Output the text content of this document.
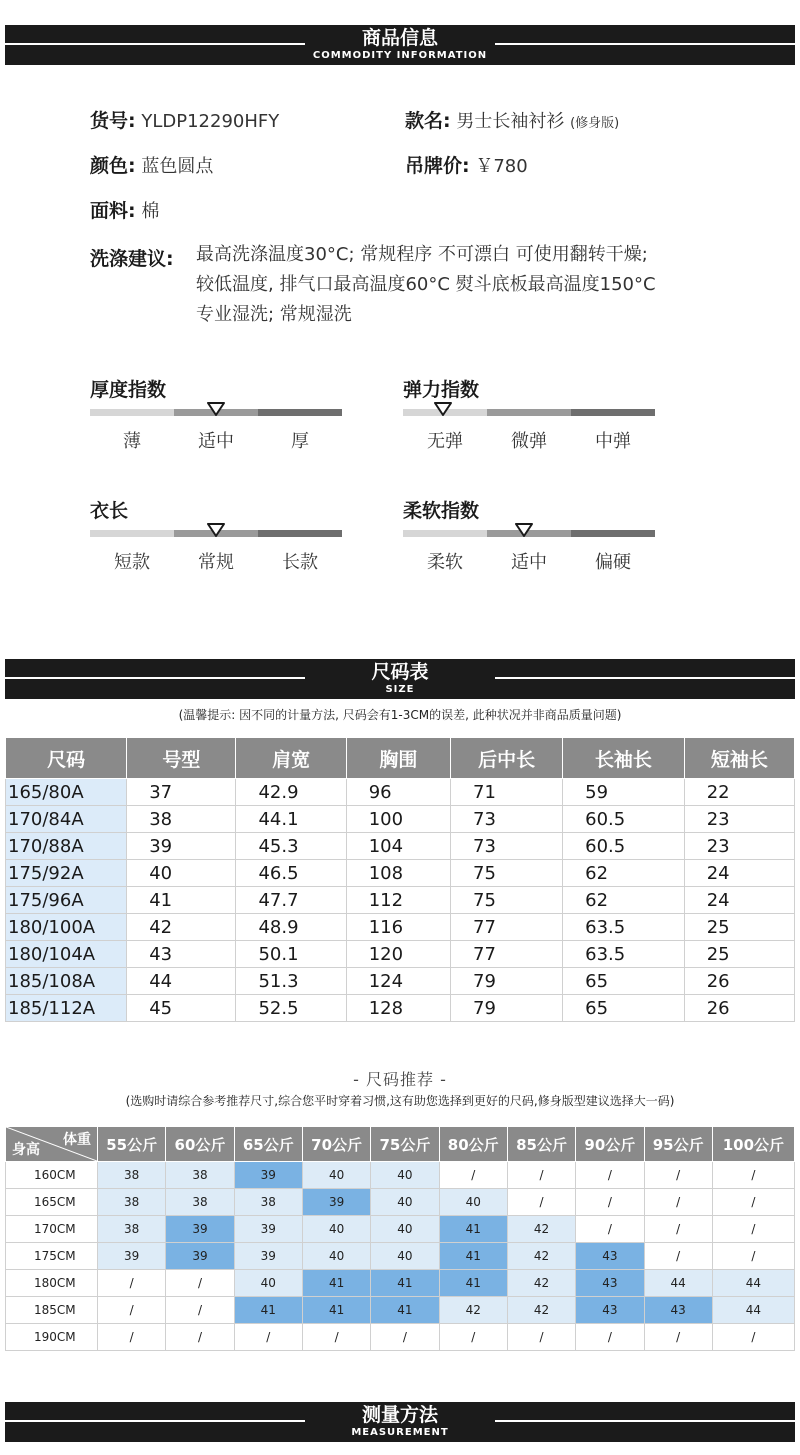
商品信息
COMMODITY INFORMATION
货号: YLDP12290HFY	款名: 男士长袖衬衫 (修身版)
颜色: 蓝色圆点	吊牌价: ￥780
面料: 棉
洗涤建议: 最高洗涤温度30°C; 常规程序 不可漂白 可使用翻转干燥;
较低温度, 排气口最高温度60°C 熨斗底板最高温度150°C
专业湿洗; 常规湿洗
厚度指数
薄	适中	厚
弹力指数
无弹	微弹	中弹
衣长
短款	常规	长款
柔软指数
柔软	适中	偏硬
尺码表
SIZE
(温馨提示: 因不同的计量方法, 尺码会有1-3CM的误差, 此种状况并非商品质量问题)
尺码	号型	肩宽	胸围	后中长	长袖长	短袖长
165/80A	37	42.9	96	71	59	22
170/84A	38	44.1	100	73	60.5	23
170/88A	39	45.3	104	73	60.5	23
175/92A	40	46.5	108	75	62	24
175/96A	41	47.7	112	75	62	24
180/100A	42	48.9	116	77	63.5	25
180/104A	43	50.1	120	77	63.5	25
185/108A	44	51.3	124	79	65	26
185/112A	45	52.5	128	79	65	26
- 尺码推荐 -
(选购时请综合参考推荐尺寸,综合您平时穿着习惯,这有助您选择到更好的尺码,修身版型建议选择大一码)
体重
身高	55公斤	60公斤	65公斤	70公斤	75公斤	80公斤	85公斤	90公斤	95公斤	100公斤
160CM	38	38	39	40	40	/	/	/	/	/
165CM	38	38	38	39	40	40	/	/	/	/
170CM	38	39	39	40	40	41	42	/	/	/
175CM	39	39	39	40	40	41	42	43	/	/
180CM	/	/	40	41	41	41	42	43	44	44
185CM	/	/	41	41	41	42	42	43	43	44
190CM	/	/	/	/	/	/	/	/	/	/
测量方法
MEASUREMENT
